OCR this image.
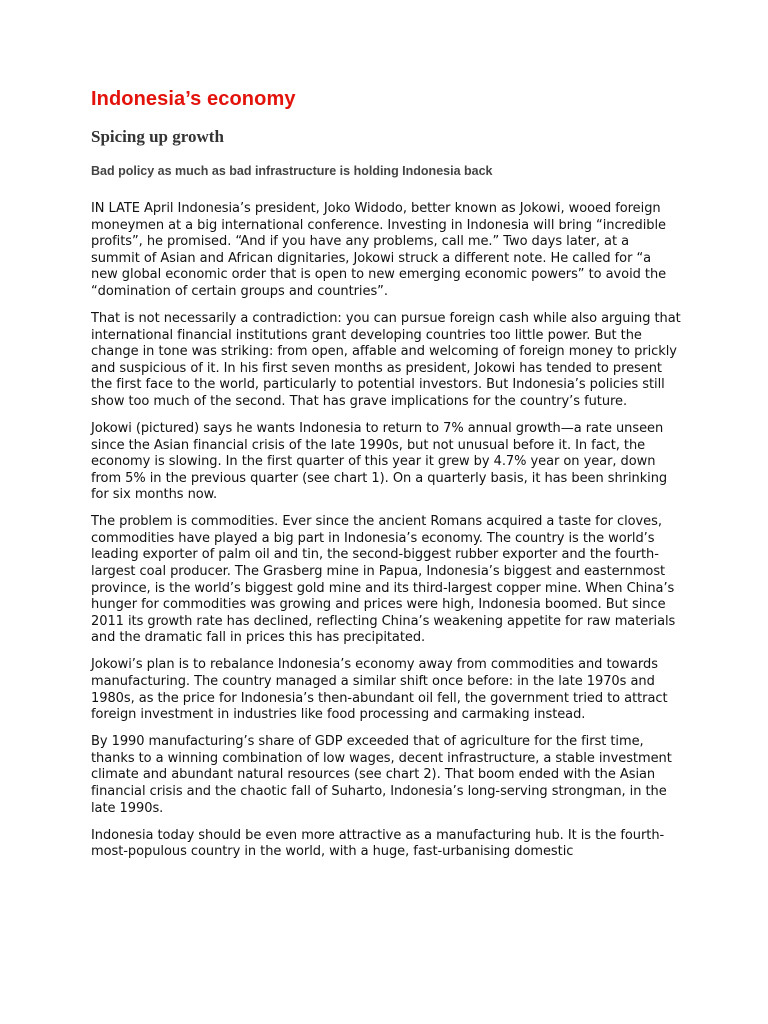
Indonesia’s economy
Spicing up growth
Bad policy as much as bad infrastructure is holding Indonesia back

IN LATE April Indonesia’s president, Joko Widodo, better known as Jokowi, wooed foreign moneymen at a big international conference. Investing in Indonesia will bring “incredible profits”, he promised. “And if you have any problems, call me.” Two days later, at a summit of Asian and African dignitaries, Jokowi struck a different note. He called for “a new global economic order that is open to new emerging economic powers” to avoid the “domination of certain groups and countries”.

That is not necessarily a contradiction: you can pursue foreign cash while also arguing that international financial institutions grant developing countries too little power. But the change in tone was striking: from open, affable and welcoming of foreign money to prickly and suspicious of it. In his first seven months as president, Jokowi has tended to present the first face to the world, particularly to potential investors. But Indonesia’s policies still show too much of the second. That has grave implications for the country’s future.

Jokowi (pictured) says he wants Indonesia to return to 7% annual growth—a rate unseen since the Asian financial crisis of the late 1990s, but not unusual before it. In fact, the economy is slowing. In the first quarter of this year it grew by 4.7% year on year, down from 5% in the previous quarter (see chart 1). On a quarterly basis, it has been shrinking for six months now.

The problem is commodities. Ever since the ancient Romans acquired a taste for cloves, commodities have played a big part in Indonesia’s economy. The country is the world’s leading exporter of palm oil and tin, the second-biggest rubber exporter and the fourth-largest coal producer. The Grasberg mine in Papua, Indonesia’s biggest and easternmost province, is the world’s biggest gold mine and its third-largest copper mine. When China’s hunger for commodities was growing and prices were high, Indonesia boomed. But since 2011 its growth rate has declined, reflecting China’s weakening appetite for raw materials and the dramatic fall in prices this has precipitated.

Jokowi’s plan is to rebalance Indonesia’s economy away from commodities and towards manufacturing. The country managed a similar shift once before: in the late 1970s and 1980s, as the price for Indonesia’s then-abundant oil fell, the government tried to attract foreign investment in industries like food processing and carmaking instead.

By 1990 manufacturing’s share of GDP exceeded that of agriculture for the first time, thanks to a winning combination of low wages, decent infrastructure, a stable investment climate and abundant natural resources (see chart 2). That boom ended with the Asian financial crisis and the chaotic fall of Suharto, Indonesia’s long-serving strongman, in the late 1990s.

Indonesia today should be even more attractive as a manufacturing hub. It is the fourth-most-populous country in the world, with a huge, fast-urbanising domestic
